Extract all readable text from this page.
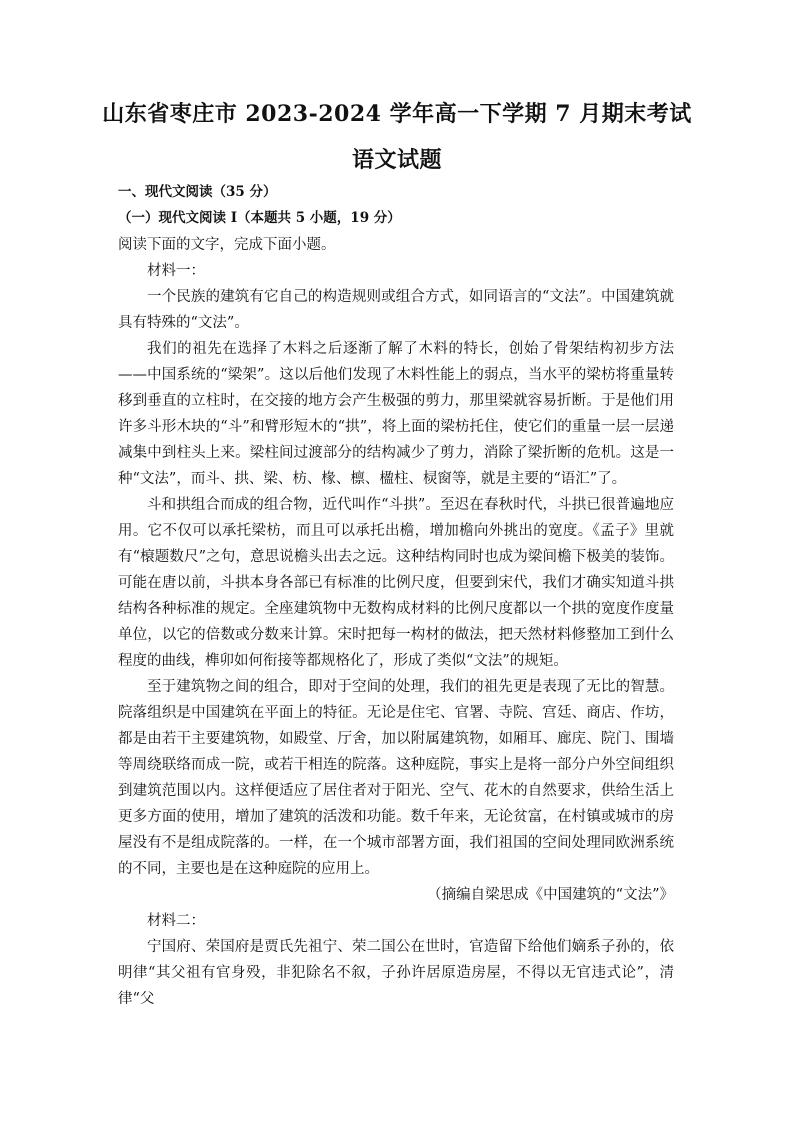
山东省枣庄市 2023-2024 学年高一下学期 7 月期末考试
语文试题
一、现代文阅读（35 分）
（一）现代文阅读 I（本题共 5 小题，19 分）

阅读下面的文字，完成下面小题。

材料一：

一个民族的建筑有它自己的构造规则或组合方式，如同语言的“文法”。中国建筑就具有特殊的“文法”。

我们的祖先在选择了木料之后逐渐了解了木料的特长，创始了骨架结构初步方法——中国系统的“梁架”。这以后他们发现了木料性能上的弱点，当水平的梁枋将重量转移到垂直的立柱时，在交接的地方会产生极强的剪力，那里梁就容易折断。于是他们用许多斗形木块的“斗”和臂形短木的“拱”，将上面的梁枋托住，使它们的重量一层一层递减集中到柱头上来。梁柱间过渡部分的结构减少了剪力，消除了梁折断的危机。这是一种“文法”，而斗、拱、梁、枋、椽、檩、楹柱、棂窗等，就是主要的“语汇”了。

斗和拱组合而成的组合物，近代叫作“斗拱”。至迟在春秋时代，斗拱已很普遍地应用。它不仅可以承托梁枋，而且可以承托出檐，增加檐向外挑出的宽度。《孟子》里就有“榱题数尺”之句，意思说檐头出去之远。这种结构同时也成为梁间檐下极美的装饰。可能在唐以前，斗拱本身各部已有标准的比例尺度，但要到宋代，我们才确实知道斗拱结构各种标准的规定。全座建筑物中无数构成材料的比例尺度都以一个拱的宽度作度量单位，以它的倍数或分数来计算。宋时把每一构材的做法，把天然材料修整加工到什么程度的曲线，榫卯如何衔接等都规格化了，形成了类似“文法”的规矩。

至于建筑物之间的组合，即对于空间的处理，我们的祖先更是表现了无比的智慧。院落组织是中国建筑在平面上的特征。无论是住宅、官署、寺院、宫廷、商店、作坊，都是由若干主要建筑物，如殿堂、厅舍，加以附属建筑物，如厢耳、廊庑、院门、围墙等周绕联络而成一院，或若干相连的院落。这种庭院，事实上是将一部分户外空间组织到建筑范围以内。这样便适应了居住者对于阳光、空气、花木的自然要求，供给生活上更多方面的使用，增加了建筑的活泼和功能。数千年来，无论贫富，在村镇或城市的房屋没有不是组成院落的。一样，在一个城市部署方面，我们祖国的空间处理同欧洲系统的不同，主要也是在这种庭院的应用上。

（摘编自梁思成《中国建筑的“文法”》

材料二：

宁国府、荣国府是贾氏先祖宁、荣二国公在世时，官造留下给他们嫡系子孙的，依明律“其父祖有官身殁，非犯除名不叙，子孙许居原造房屋，不得以无官违式论”，清律“父
